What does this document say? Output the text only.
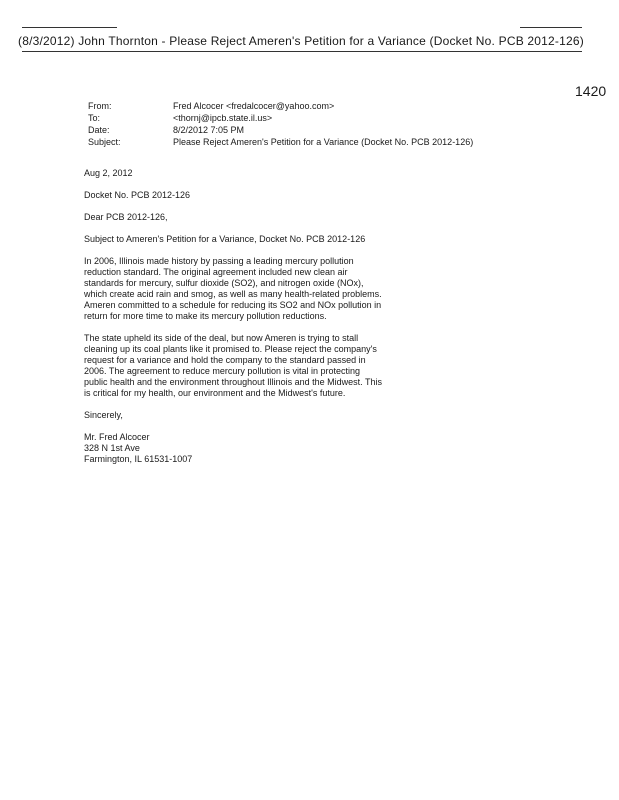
(8/3/2012) John Thornton - Please Reject Ameren's Petition for a Variance (Docket No. PCB 2012-126)
1420
From:	Fred Alcocer <fredalcocer@yahoo.com>
To:	<thornj@ipcb.state.il.us>
Date:	8/2/2012 7:05 PM
Subject:	Please Reject Ameren's Petition for a Variance (Docket No. PCB 2012-126)

Aug 2, 2012

Docket No. PCB 2012-126

Dear PCB 2012-126,

Subject to Ameren's Petition for a Variance, Docket No. PCB 2012-126

In 2006, Illinois made history by passing a leading mercury pollution reduction standard. The original agreement included new clean air standards for mercury, sulfur dioxide (SO2), and nitrogen oxide (NOx), which create acid rain and smog, as well as many health-related problems. Ameren committed to a schedule for reducing its SO2 and NOx pollution in return for more time to make its mercury pollution reductions.

The state upheld its side of the deal, but now Ameren is trying to stall cleaning up its coal plants like it promised to. Please reject the company's request for a variance and hold the company to the standard passed in 2006. The agreement to reduce mercury pollution is vital in protecting public health and the environment throughout Illinois and the Midwest. This is critical for my health, our environment and the Midwest's future.

Sincerely,

Mr. Fred Alcocer
328 N 1st Ave
Farmington, IL 61531-1007
